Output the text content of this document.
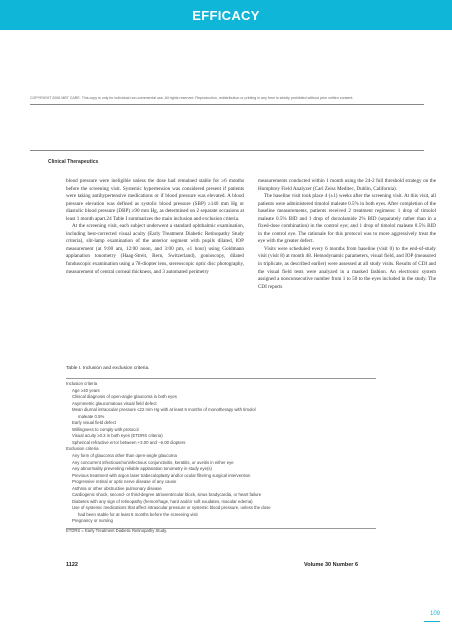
EFFICACY
COPYRIGHT 2006 MBT CARE. This copy is only for individual non-commercial use. All rights reserved. Reproduction, redistribution or printing in any form is strictly prohibited without prior written consent.
Clinical Therapeutics

blood pressure were ineligible unless the dose had remained stable for ≥6 months before the screening visit. Systemic hypertension was considered present if patients were taking antihypertensive medications or if blood pressure was elevated. A blood pressure elevation was defined as systolic blood pressure (SBP) ≥140 mm Hg or diastolic blood pressure (DBP) ≥90 mm Hg, as determined on 2 separate occasions at least 1 month apart.24 Table I summarizes the main inclusion and exclusion criteria.

At the screening visit, each subject underwent a standard ophthalmic examination, including best-corrected visual acuity (Early Treatment Diabetic Retinopathy Study criteria), slit-lamp examination of the anterior segment with pupils dilated, IOP measurement (at 9:00 am, 12:00 noon, and 3:00 pm, ±1 hour) using Goldmann applanation tonometry (Haag-Streit, Bern, Switzerland), gonioscopy, dilated funduscopic examination using a 78-diopter lens, stereoscopic optic disc photography, measurement of central corneal thickness, and 3 automated perimetry

measurements conducted within 1 month using the 24-2 full threshold strategy on the Humphrey Field Analyzer (Carl Zeiss Meditec, Dublin, California).

The baseline visit took place 4 (±1) weeks after the screening visit. At this visit, all patients were administered timolol maleate 0.5% in both eyes. After completion of the baseline measurements, patients received 2 treatment regimens: 1 drop of timolol maleate 0.5% BID and 1 drop of dorzolamide 2% BID (separately rather than in a fixed-dose combination) in the control eye; and 1 drop of timolol maleate 0.5% BID in the control eye. The rationale for this protocol was to more aggressively treat the eye with the greater defect.

Visits were scheduled every 6 months from baseline (visit 0) to the end-of-study visit (visit 8) at month 48. Hemodynamic parameters, visual field, and IOP (measured in triplicate, as described earlier) were assessed at all study visits. Results of CDI and the visual field tests were analyzed in a masked fashion. An electronic system assigned a nonconsecutive number from 1 to 50 to the eyes included in the study. The CDI reports

Table I. Inclusion and exclusion criteria.
Inclusion criteria
Age ≥40 years
Clinical diagnosis of open-angle glaucoma in both eyes
Asymmetric glaucomatous visual field defect
Mean diurnal intraocular pressure ≤22 mm Hg with at least 6 months of monotherapy with timolol
maleate 0.5%
Early visual field defect
Willingness to comply with protocol
Visual acuity ≥0.3 in both eyes (ETDRS criteria)
Spherical refractive error between +3.00 and −6.00 diopters
Exclusion criteria
Any form of glaucoma other than open-angle glaucoma
Any concurrent infectious/noninfectious conjunctivitis, keratitis, or uveitis in either eye
Any abnormality preventing reliable applanation tonometry in study eye(s)
Previous treatment with argon laser trabeculoplasty and/or ocular filtering surgical intervention
Progressive retinal or optic nerve disease of any cause
Asthma or other obstructive pulmonary disease
Cardiogenic shock, second- or third-degree atrioventricular block, sinus bradycardia, or heart failure
Diabetes with any sign of retinopathy (hemorrhage, hard and/or soft exudates, macular edema)
Use of systemic medications that affect intraocular pressure or systemic blood pressure, unless the dose
had been stable for at least 6 months before the screening visit
Pregnancy or nursing
ETDRS = Early Treatment Diabetic Retinopathy Study.
1122	Volume 30 Number 6
109
